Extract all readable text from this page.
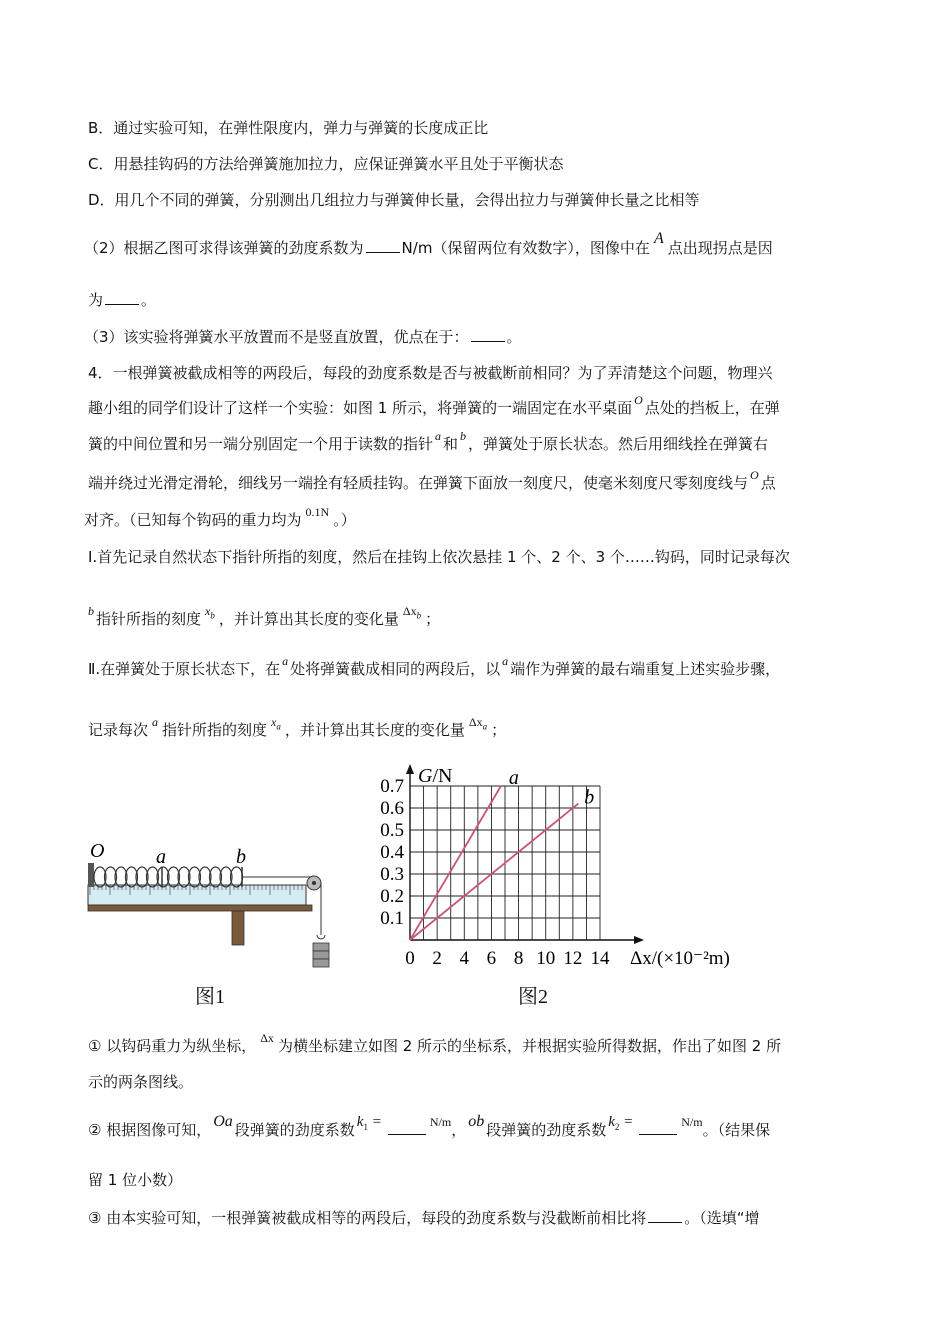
B．通过实验可知，在弹性限度内，弹力与弹簧的长度成正比
C．用悬挂钩码的方法给弹簧施加拉力，应保证弹簧水平且处于平衡状态
D．用几个不同的弹簧，分别测出几组拉力与弹簧伸长量，会得出拉力与弹簧伸长量之比相等
（2）根据乙图可求得该弹簧的劲度系数为	N/m（保留两位有效数字），图像中在A点出现拐点是因
为	。
（3）该实验将弹簧水平放置而不是竖直放置，优点在于：	。
4．一根弹簧被截成相等的两段后，每段的劲度系数是否与被截断前相同？为了弄清楚这个问题，物理兴
趣小组的同学们设计了这样一个实验：如图 1 所示，将弹簧的一端固定在水平桌面 $^O$ 点处的挡板上，在弹
簧的中间位置和另一端分别固定一个用于读数的指针 $^a$ 和 $^b$ ，弹簧处于原长状态。然后用细线拴在弹簧右
端并绕过光滑定滑轮，细线另一端拴有轻质挂钩。在弹簧下面放一刻度尺，使毫米刻度尺零刻度线与 $^O$ 点
对齐。（已知每个钩码的重力均为 $^{0.1N}$ 。）
Ⅰ.首先记录自然状态下指针所指的刻度，然后在挂钩上依次悬挂 1 个、2 个、3 个……钩码，同时记录每次
$^b$ 指针所指的刻度 $^{x_b}$ ，并计算出其长度的变化量 $^{\Delta x_b}$ ；
Ⅱ.在弹簧处于原长状态下，在 $^a$ 处将弹簧截成相同的两段后，以 $^a$ 端作为弹簧的最右端重复上述实验步骤，
记录每次 $^a$ 指针所指的刻度 $^{x_a}$ ，并计算出其长度的变化量 $^{\Delta x_a}$ ；
O	a	b
图1
0 2 4 6 8 10 12 14
0.1
0.2
0.3
0.4
0.5
0.6
0.7 G/N
Δx/(×10⁻²m)
a
b
图2
① 以钩码重力为纵坐标， $^{\Delta x}$ 为横坐标建立如图 2 所示的坐标系，并根据实验所得数据，作出了如图 2 所
示的两条图线。
② 根据图像可知， Oa 段弹簧的劲度系数 $k_1$ =	$^{N/m}$， ob 段弹簧的劲度系数 $k_2$ =	$^{N/m}$。（结果保
留 1 位小数）
③ 由本实验可知，一根弹簧被截成相等的两段后，每段的劲度系数与没截断前相比将	。（选填“增
